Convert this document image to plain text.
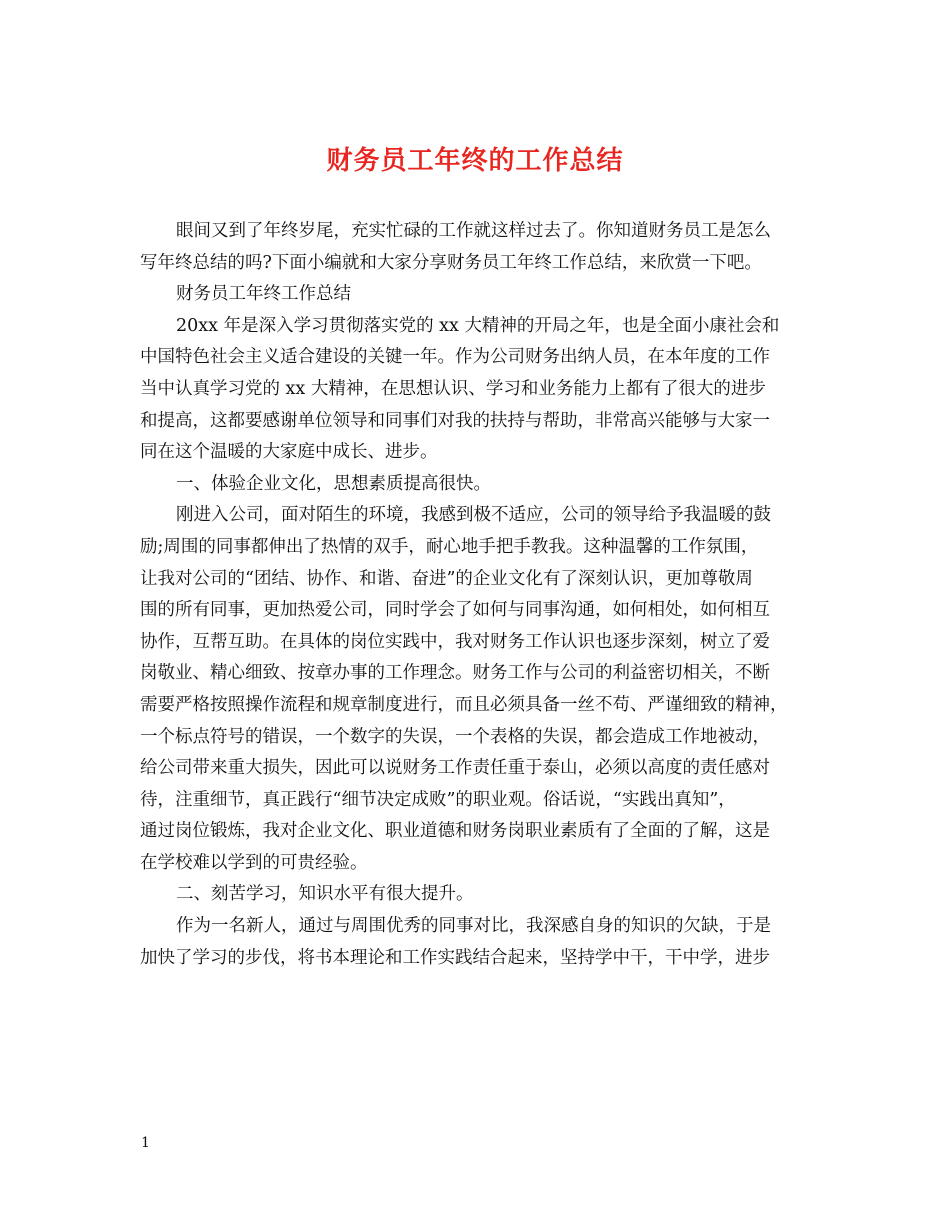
财务员工年终的工作总结

眼间又到了年终岁尾，充实忙碌的工作就这样过去了。你知道财务员工是怎么
写年终总结的吗?下面小编就和大家分享财务员工年终工作总结，来欣赏一下吧。

财务员工年终工作总结

20xx 年是深入学习贯彻落实党的 xx 大精神的开局之年，也是全面小康社会和
中国特色社会主义适合建设的关键一年。作为公司财务出纳人员，在本年度的工作
当中认真学习党的 xx 大精神，在思想认识、学习和业务能力上都有了很大的进步
和提高，这都要感谢单位领导和同事们对我的扶持与帮助，非常高兴能够与大家一
同在这个温暖的大家庭中成长、进步。

一、体验企业文化，思想素质提高很快。

刚进入公司，面对陌生的环境，我感到极不适应，公司的领导给予我温暖的鼓
励;周围的同事都伸出了热情的双手，耐心地手把手教我。这种温馨的工作氛围，
让我对公司的“团结、协作、和谐、奋进”的企业文化有了深刻认识，更加尊敬周
围的所有同事，更加热爱公司，同时学会了如何与同事沟通，如何相处，如何相互
协作，互帮互助。在具体的岗位实践中，我对财务工作认识也逐步深刻，树立了爱
岗敬业、精心细致、按章办事的工作理念。财务工作与公司的利益密切相关，不断
需要严格按照操作流程和规章制度进行，而且必须具备一丝不苟、严谨细致的精神，
一个标点符号的错误，一个数字的失误，一个表格的失误，都会造成工作地被动，
给公司带来重大损失，因此可以说财务工作责任重于泰山，必须以高度的责任感对
待，注重细节，真正践行“细节决定成败”的职业观。俗话说，“实践出真知”，
通过岗位锻炼，我对企业文化、职业道德和财务岗职业素质有了全面的了解，这是
在学校难以学到的可贵经验。

二、刻苦学习，知识水平有很大提升。

作为一名新人，通过与周围优秀的同事对比，我深感自身的知识的欠缺，于是
加快了学习的步伐，将书本理论和工作实践结合起来，坚持学中干，干中学，进步

1
